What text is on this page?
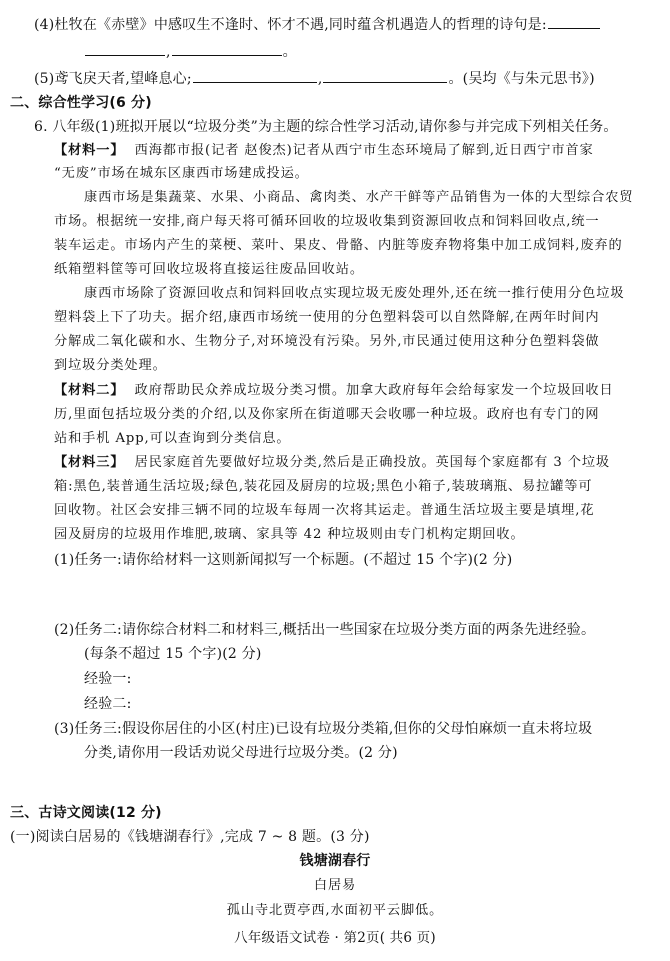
(4)杜牧在《赤壁》中感叹生不逢时、怀才不遇,同时蕴含机遇造人的哲理的诗句是:
,	。
(5)鸢飞戾天者,望峰息心;	,	。(吴均《与朱元思书》)
二、综合性学习(6 分)
6. 八年级(1)班拟开展以“垃圾分类”为主题的综合性学习活动,请你参与并完成下列相关任务。
【材料一】 西海都市报(记者 赵俊杰)记者从西宁市生态环境局了解到,近日西宁市首家
“无废”市场在城东区康西市场建成投运。
康西市场是集蔬菜、水果、小商品、禽肉类、水产干鲜等产品销售为一体的大型综合农贸
市场。根据统一安排,商户每天将可循环回收的垃圾收集到资源回收点和饲料回收点,统一
装车运走。市场内产生的菜梗、菜叶、果皮、骨骼、内脏等废弃物将集中加工成饲料,废弃的
纸箱塑料筐等可回收垃圾将直接运往废品回收站。
康西市场除了资源回收点和饲料回收点实现垃圾无废处理外,还在统一推行使用分色垃圾
塑料袋上下了功夫。据介绍,康西市场统一使用的分色塑料袋可以自然降解,在两年时间内
分解成二氧化碳和水、生物分子,对环境没有污染。另外,市民通过使用这种分色塑料袋做
到垃圾分类处理。
【材料二】 政府帮助民众养成垃圾分类习惯。加拿大政府每年会给每家发一个垃圾回收日
历,里面包括垃圾分类的介绍,以及你家所在街道哪天会收哪一种垃圾。政府也有专门的网
站和手机 App,可以查询到分类信息。
【材料三】 居民家庭首先要做好垃圾分类,然后是正确投放。英国每个家庭都有 3 个垃圾
箱:黑色,装普通生活垃圾;绿色,装花园及厨房的垃圾;黑色小箱子,装玻璃瓶、易拉罐等可
回收物。社区会安排三辆不同的垃圾车每周一次将其运走。普通生活垃圾主要是填埋,花
园及厨房的垃圾用作堆肥,玻璃、家具等 42 种垃圾则由专门机构定期回收。
(1)任务一:请你给材料一这则新闻拟写一个标题。(不超过 15 个字)(2 分)
(2)任务二:请你综合材料二和材料三,概括出一些国家在垃圾分类方面的两条先进经验。
(每条不超过 15 个字)(2 分)
经验一:
经验二:
(3)任务三:假设你居住的小区(村庄)已设有垃圾分类箱,但你的父母怕麻烦一直未将垃圾
分类,请你用一段话劝说父母进行垃圾分类。(2 分)
三、古诗文阅读(12 分)
(一)阅读白居易的《钱塘湖春行》,完成 7 ~ 8 题。(3 分)
钱塘湖春行
白居易
孤山寺北贾亭西,水面初平云脚低。
八年级语文试卷 · 第2页( 共6 页)
